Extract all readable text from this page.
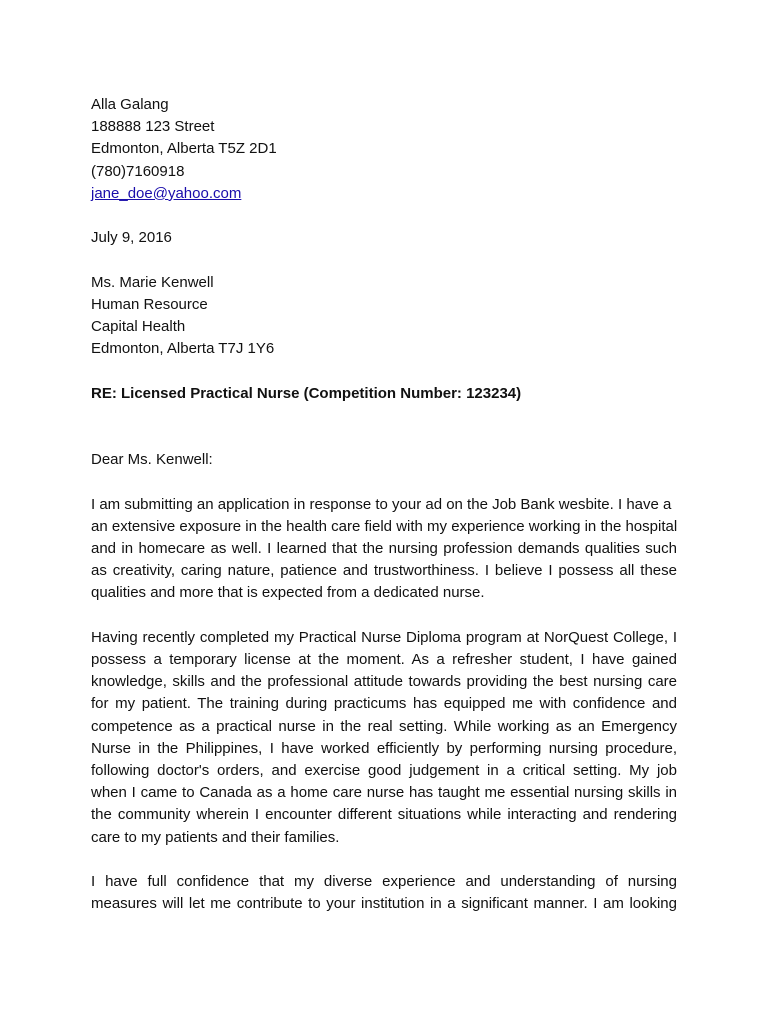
Alla Galang
188888 123 Street
Edmonton, Alberta T5Z 2D1
(780)7160918
jane_doe@yahoo.com
July 9, 2016
Ms. Marie Kenwell
Human Resource
Capital Health
Edmonton, Alberta T7J 1Y6
RE: Licensed Practical Nurse (Competition Number: 123234)
Dear Ms. Kenwell:
I am submitting an application in response to your ad on the Job Bank wesbite. I have a
an extensive exposure in the health care field with my experience working in the hospital
and in homecare as well. I learned that the nursing profession demands qualities such
as creativity, caring nature, patience and trustworthiness. I believe I possess all these
qualities and more that is expected from a dedicated nurse.
Having recently completed my Practical Nurse Diploma program at NorQuest College, I
possess a temporary license at the moment. As a refresher student, I have gained
knowledge, skills and the professional attitude towards providing the best nursing care
for my patient. The training during practicums has equipped me with confidence and
competence as a practical nurse in the real setting. While working as an Emergency
Nurse in the Philippines, I have worked efficiently by performing nursing procedure,
following doctor's orders, and exercise good judgement in a critical setting. My job
when I came to Canada as a home care nurse has taught me essential nursing skills in
the community wherein I encounter different situations while interacting and rendering
care to my patients and their families.
I have full confidence that my diverse experience and understanding of nursing
measures will let me contribute to your institution in a significant manner. I am looking
